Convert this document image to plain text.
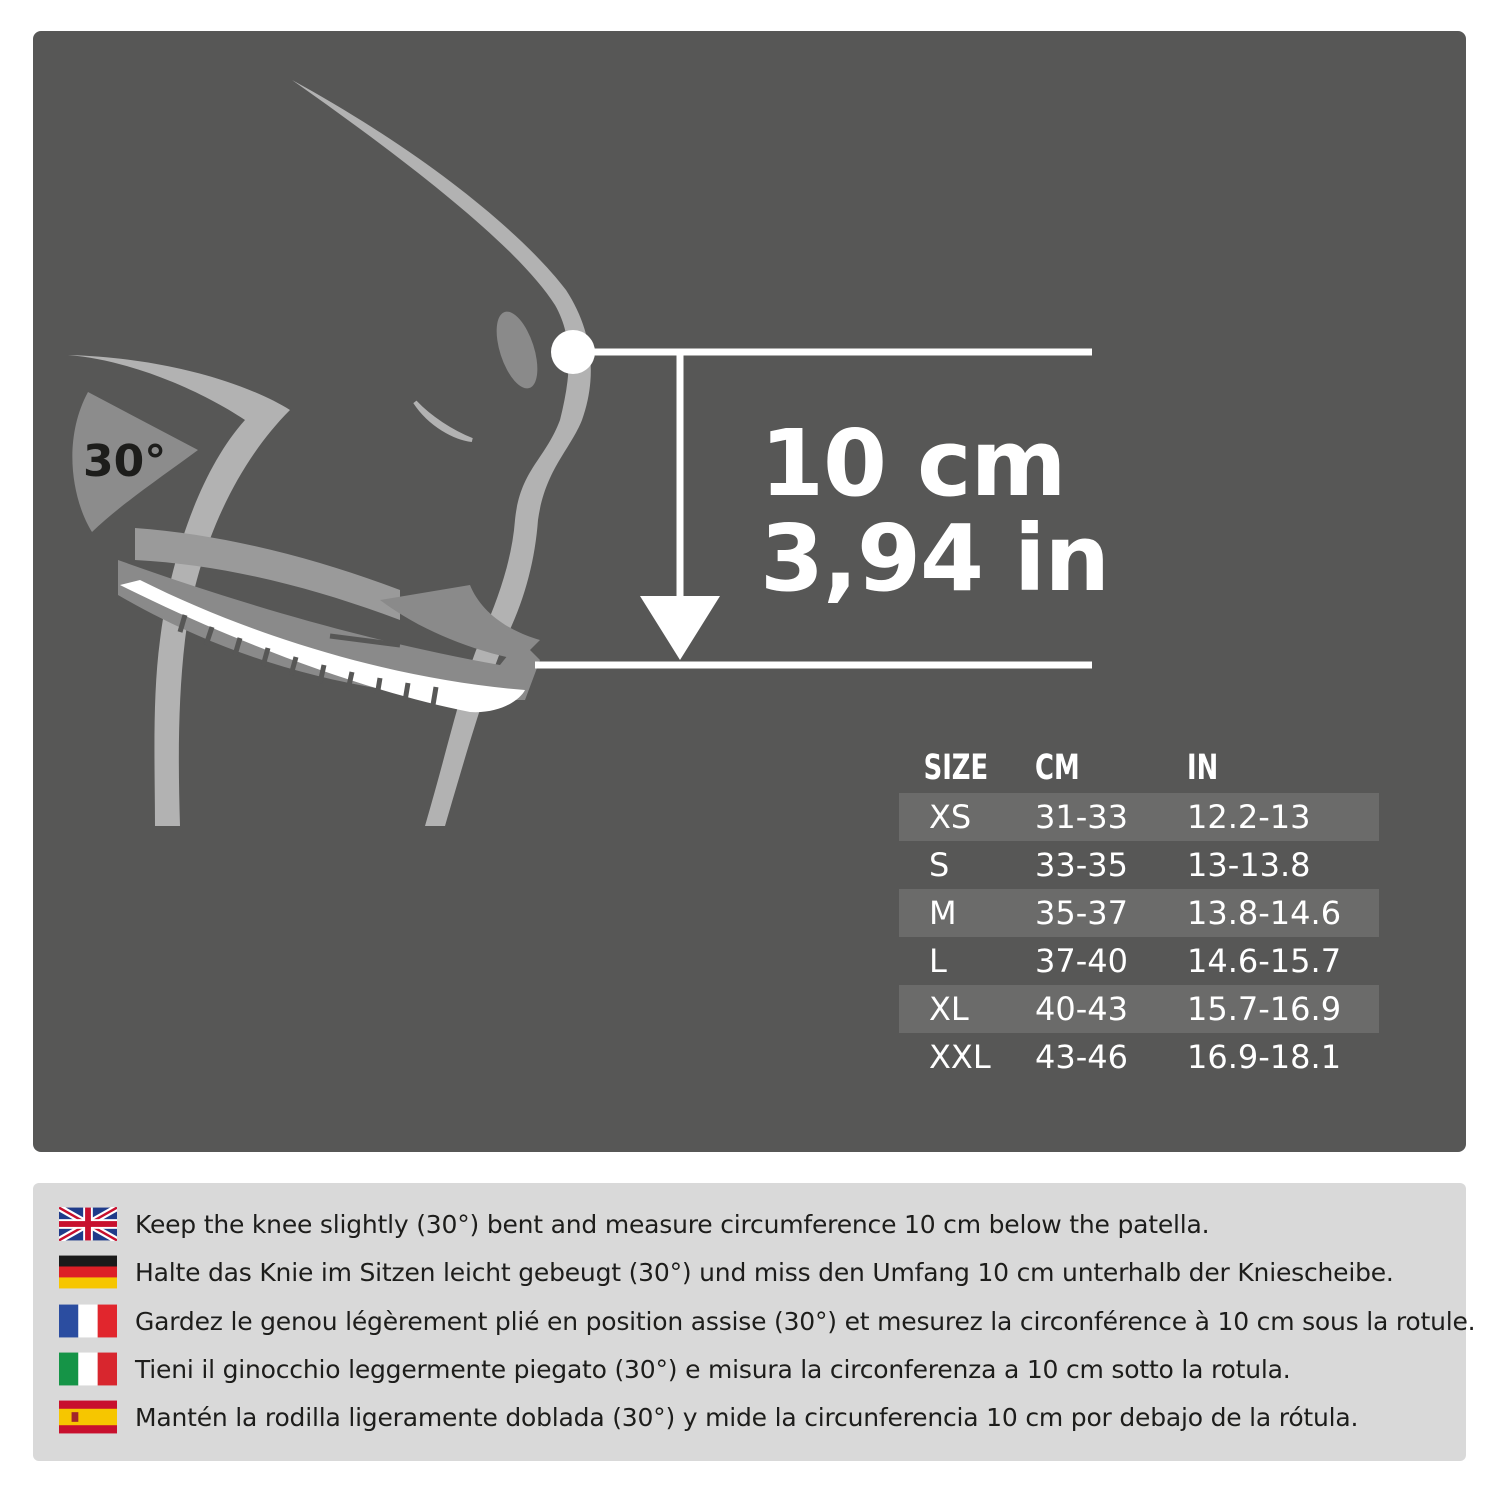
30°	10 cm
3,94 in
SIZE	CM	IN
XS	31-33	12.2-13
S	33-35	13-13.8
M	35-37	13.8-14.6
L	37-40	14.6-15.7
XL	40-43	15.7-16.9
XXL	43-46	16.9-18.1
Keep the knee slightly (30°) bent and measure circumference 10 cm below the patella.
Halte das Knie im Sitzen leicht gebeugt (30°) und miss den Umfang 10 cm unterhalb der Kniescheibe.
Gardez le genou légèrement plié en position assise (30°) et mesurez la circonférence à 10 cm sous la rotule.
Tieni il ginocchio leggermente piegato (30°) e misura la circonferenza a 10 cm sotto la rotula.
Mantén la rodilla ligeramente doblada (30°) y mide la circunferencia 10 cm por debajo de la rótula.
